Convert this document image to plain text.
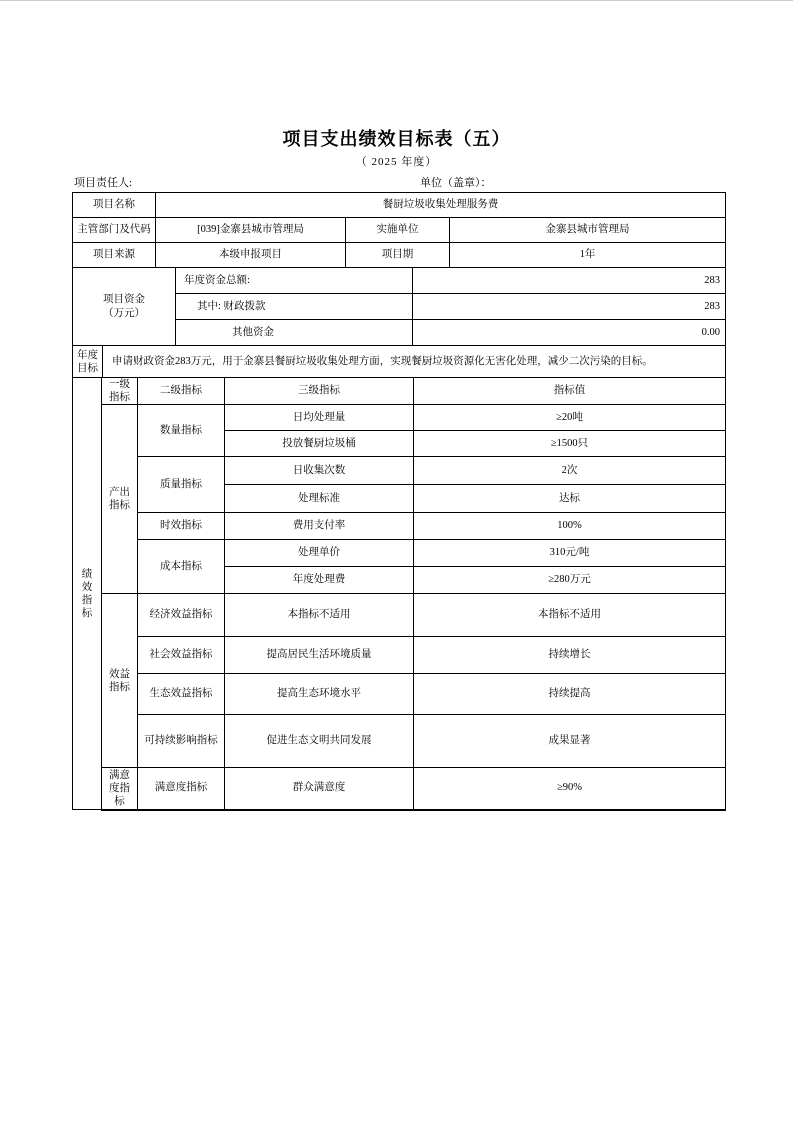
项目支出绩效目标表（五）
（ 2025 年度）
项目责任人:	单位（盖章）：
项目名称	餐厨垃圾收集处理服务费		
主管部门及代码	[039]金寨县城市管理局	实施单位	金寨县城市管理局
项目来源	本级申报项目	项目期	1年
项目资金
（万元）	年度资金总额:	283
	其中: 财政拨款	283
	其他资金	0.00
年度目标	申请财政资金283万元，用于金寨县餐厨垃圾收集处理方面，实现餐厨垃圾资源化无害化处理，减少二次污染的目标。
绩效指标	一级指标	二级指标	三级指标	指标值
	产出指标	数量指标	日均处理量	≥20吨
			投放餐厨垃圾桶	≥1500只
		质量指标	日收集次数	2次
			处理标准	达标
		时效指标	费用支付率	100%
		成本指标	处理单价	310元/吨
			年度处理费	≥280万元
	效益指标	经济效益指标	本指标不适用	本指标不适用
		社会效益指标	提高居民生活环境质量	持续增长
		生态效益指标	提高生态环境水平	持续提高
		可持续影响指标	促进生态文明共同发展	成果显著
	满意度指标	满意度指标	群众满意度	≥90%
